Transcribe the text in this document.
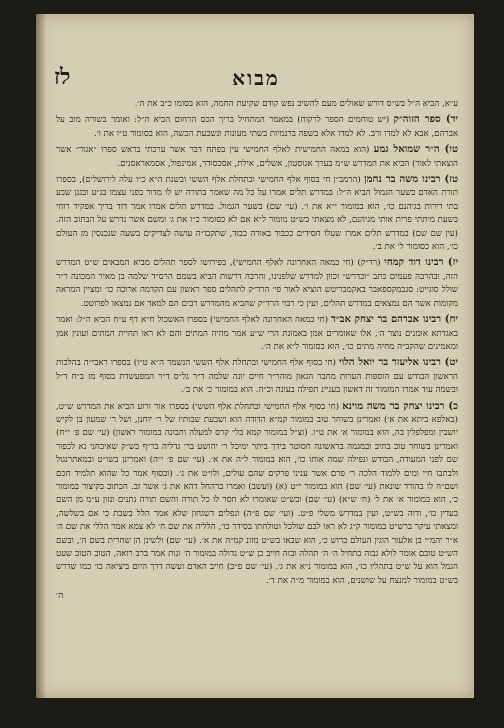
לז	מבוא

ע״א, הביא ה״ל בש״ס דורש שאולים מעם להשיב נפש קודם שקיעת החמה, הוא בסומו כ״ב את ה׳.

יד) ספר הזוה״ק (יש טוחמים הספר לרקוח) במאמר המתחיל בריך הכס הרחום הביא ה״ל: ואומר בשורה מוב על אברהם, אבא לא למדו ורב. לא למדו אלא בשפה ברנמיות בשתי מעונות ונשבעת הכשה, הוא בסומור ט״ו את ו׳.

טו) ה״ר שמואל גמע (הוא במאה החמישית לאלף החמישי עין בפתח דבר אשר ערכתי בראש ספרו ״אגור״ אשר הוצאתי לאור) הביא את המדרש ש״מ בערך אגוסטון, אשלים, אילת, אסכסודר, אמינפול, אסמאראסנים.

טז) רבינו משה בר נחמן (הרמב״ן חי בסוף אלף החמישי ובתחלת אלף הששי ובשנת ה״א כ״ו עלה לירושלים), בספרו תורת האדם בשער הגמול הביא ה״ל: במדרש תלים אמרו על כל מה שאמר בתורה יש לו מדור בפני עצמו בג״ע ובגגן שבע בתי דירות בגיהנם כו׳, הוא במומור י״א את ו׳. (עי׳ שם) בשער הגמול. במדרש תלים אמרו אמר דוד בריך אפקיד רוחי בשעת מיתתי פרית אותי מגיהנם, לא מצאתי בש״ט מומור ל״א אם לא כסומור כ״ו את ג׳ ומשם אשר נדרש על הבתוב הזה. (עין שם שם) במדרש תלים אמרו שעלו חסידים ככבוד באורה כבוד, שתקבו״ה עושה לצדיקים בשעה שנכנסין מן העולם כו׳, הוא כסומור ל׳ את ב׳.

יז) רבינו דוד קמחי (רד״ק) (חי במאה האחרונה לאלף החמישי), בפירושו לספר תהלים מביא המבאים ש״ט המדרש הזה, ובהרבה פעמים כתב ״ובדרש״ וכוון למדרש שלפנינו, והרבה דרשות הביא בשמם הרס״ד שלמה בן מאיר המכונה ר״ר שולל סוגייט: סגבמקספאבר באקמבריטש הוציא לאור פי׳ הרד״ק לתהלים ספר ראשון עם הקדמה ארוכה כו׳ ומציין המראה מקומות אשר הם נמצאים במדרש תהלים, ועין כי רבוי הרד״ק שהביא מהמדרש רבים הם למאד אם נמצאו לפרוטט.

יח) רבינו אברהם בר יצחק אב״ד (חי במאה האחרונה לאלף החמישי) בספרו האשכול ח״א דף ע״ח הביא ה״ל: ואמר באגדתא אומנים נוצר ה׳, אלו שאומרים אמן באמונת הרי ש״ע אמר מהיה המתים והם לא ראו תחיית המתים ועונין אמן ומאמינים שהקב״ה מחיה מתים כו׳, הוא בסומור ל״א את ה׳.

יט) רבינו אליעזר בר יואל הלוי (חי בסוף אלף החמישי ובתחלת אלף הששי הנשמר ה״א ט״ו) בספרו ראבי״ה בהלכות הראשון הבודש עם הוספות הערות מחבר הגאון מוהר״ר חיים יונה שלמה ד״ר גל״ס ד״ר המפעשדת בסוף מז ב״ח ד״ל ובשמה עוד אמרו המזמור זה דאשון בעניינ תפילה בעונה וכ״ה. הוא במומור כ׳ את ב׳.

כ) רבינו יצחק בר משה מוינא (חי בסוף אלף החמישי ובתחלת אלף הששי) בספרו אור זרוע הביא את המדרש ש״ט, (באלפא ביתא את א׳) ואמרינן בשוחר טוב במומור קמ״א הדודה הוא ושבעת שבותיו של ר׳ יוחנן, ושל ר׳ שמעון בן לקיש יושבין ומפלפלין בה, הוא במומור א׳ את ט״ו. (וצ״ל במומור קמא בל״ קרס למעלה והבונה במומור ראשון) (עי׳ שם פ׳ י״ח) ואמרינן בשוחר טוב בתיב ובמגמה בראשונה חסוטר בידך ביתר ימיכל ר׳ יהושע בר׳ גדליה בר״ף בש״ק שאיכחני נא לכפור שם לפני המעודה, הבודש ונפילה שמה אותו כו׳, הוא במומור ל״ה את א׳. (עי׳ שם פ׳ י״ה) ואמרינן בשו״ט ובמאתרנגול ולבתבו חיי ומים ללמוד הלכה ר׳ פרם אשר עניני פרקים שהם עולים, ולו״ט את ג׳. (ובסוף אמר כל שהוא תלמיד חכם ושם״ה לו בהורד שונאת (עי׳ שם) הוא במומור י״ט (א) (ועשב) ואמרו ברהחל דהא את ג׳ אשר זב. הכתוב בקיצור במומור כ׳, הוא במומור א׳ את ל׳ (ח׳ ש״א) (עי׳ שם) ובש״ט שאומרו לא חסר לו כל תורה והשם תורה נתנים ונזון ע״מ מן השם בעדין כו׳, ודוה בש״ט, ועין במדרש משלי פ״ט. (ועי׳ שם פ״ה) ונפלים דשגחון שלא אמר הלל בשבת כי אם בשלשה, ומצאתי עיקר ברש״ט במומור ק״ג לא ראו לבם שולכל וטולחתו בסידר כו׳, הלליה את שם ח׳ לא צמא אמר הללי את שם ה׳ א״ר יהמ״י בן אלעזר הוגין העולם ברוש כ׳, הוא שבאו בש״ט מזונ קמ״ה את א׳. (עי׳ שם) ולשינן הן שחרית בשם ה׳, ובשם הש״ט טובם אומר לולא גבוה בתחיל ה׳ ה׳ תהלה ובזה חייב כן ש״ט גדולה במומור ה׳ ונות אמר ברב רואה, הטוב הטוב שעט הגמל הוא על ש״ט בתהליו כו׳, הוא במומור נ״א את ג׳. (עי׳ שם פ״ב) חייב האדם ועשה דרך היום ביציאה כו׳ כמו שדרש בש״ט במומור למנצח על שושנים, הוא במומור מ״ה את ד׳.

ה׳
